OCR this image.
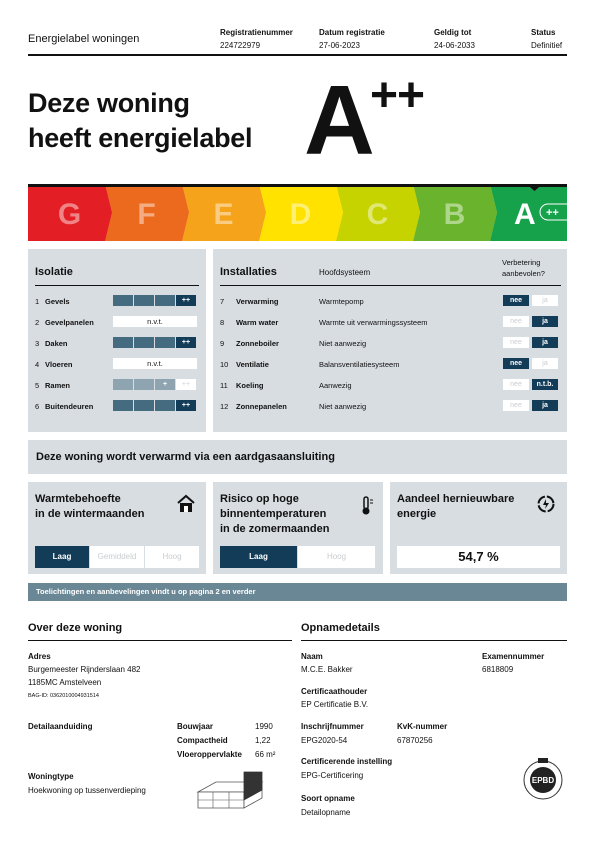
Energielabel woningen
Registratienummer
224722979
Datum registratie
27-06-2023
Geldig tot
24-06-2033
Status
Definitief
Deze woning
heeft energielabel A
++
G F E D C B A ++ ++
Isolatie
1 Gevels	++
2 Gevelpanelen	n.v.t.
3 Daken	++
4 Vloeren	n.v.t.
5 Ramen	+	++
6 Buitendeuren	++
Installaties	Hoofdsysteem
Verbetering
aanbevolen?
7 Verwarming	Warmtepomp	nee	ja
8 Warm water	Warmte uit verwarmingssysteem	nee	ja
9 Zonneboiler	Niet aanwezig	nee	ja
10 Ventilatie	Balansventilatiesysteem	nee	ja
11 Koeling	Aanwezig	nee	n.t.b.
12 Zonnepanelen	Niet aanwezig	nee	ja
Deze woning wordt verwarmd via een aardgasaansluiting
Warmtebehoefte
in de wintermaanden
Laag	Gemiddeld	Hoog
Risico op hoge
binnentemperaturen
in de zomermaanden
Laag	Hoog
Aandeel hernieuwbare
energie
54,7 %
Toelichtingen en aanbevelingen vindt u op pagina 2 en verder
Over deze woning
Adres
Burgemeester Rijnderslaan 482
1185MC Amstelveen
BAG-ID: 0362010004931514
Detailaanduiding	Bouwjaar	1990
Compactheid	1,22
Vloeroppervlakte 66 m²
Woningtype
Hoekwoning op tussenverdieping
Opnamedetails
Naam
M.C.E. Bakker
Examennummer
6818809
Certificaathouder
EP Certificatie B.V.
Inschrijfnummer
EPG2020-54
KvK-nummer
67870256
Certificerende instelling
EPG-Certificering
Soort opname
Detailopname
EPBD
